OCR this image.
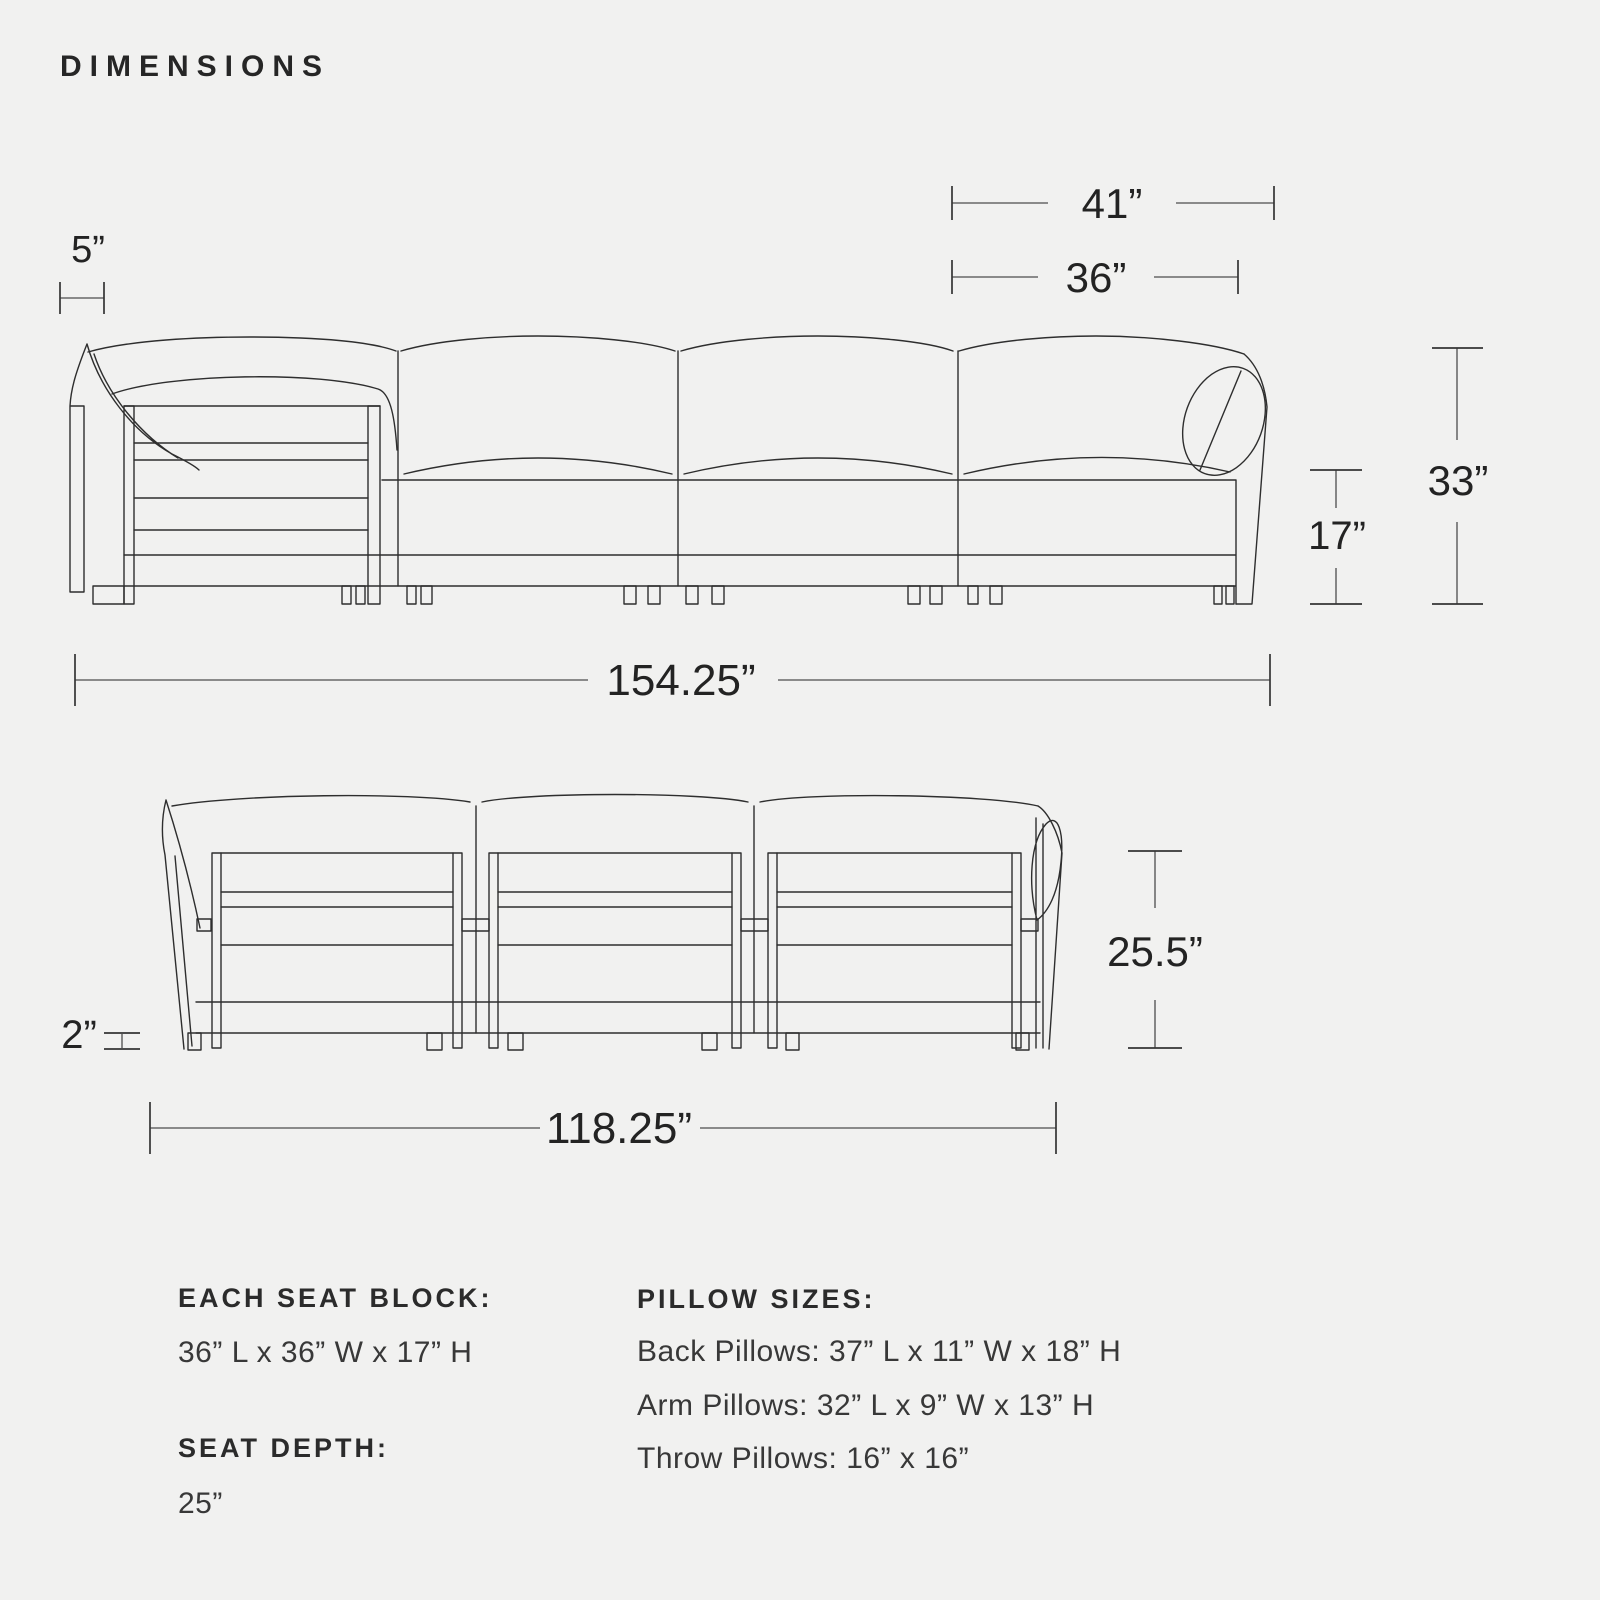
DIMENSIONS
5”
41”
36”
17”
33”
154.25”
2”
25.5”
118.25”
EACH SEAT BLOCK:
36” L x 36” W x 17” H
SEAT DEPTH:
25”
PILLOW SIZES:
Back Pillows: 37” L x 11” W x 18” H
Arm Pillows: 32” L x 9” W x 13” H
Throw Pillows: 16” x 16”
